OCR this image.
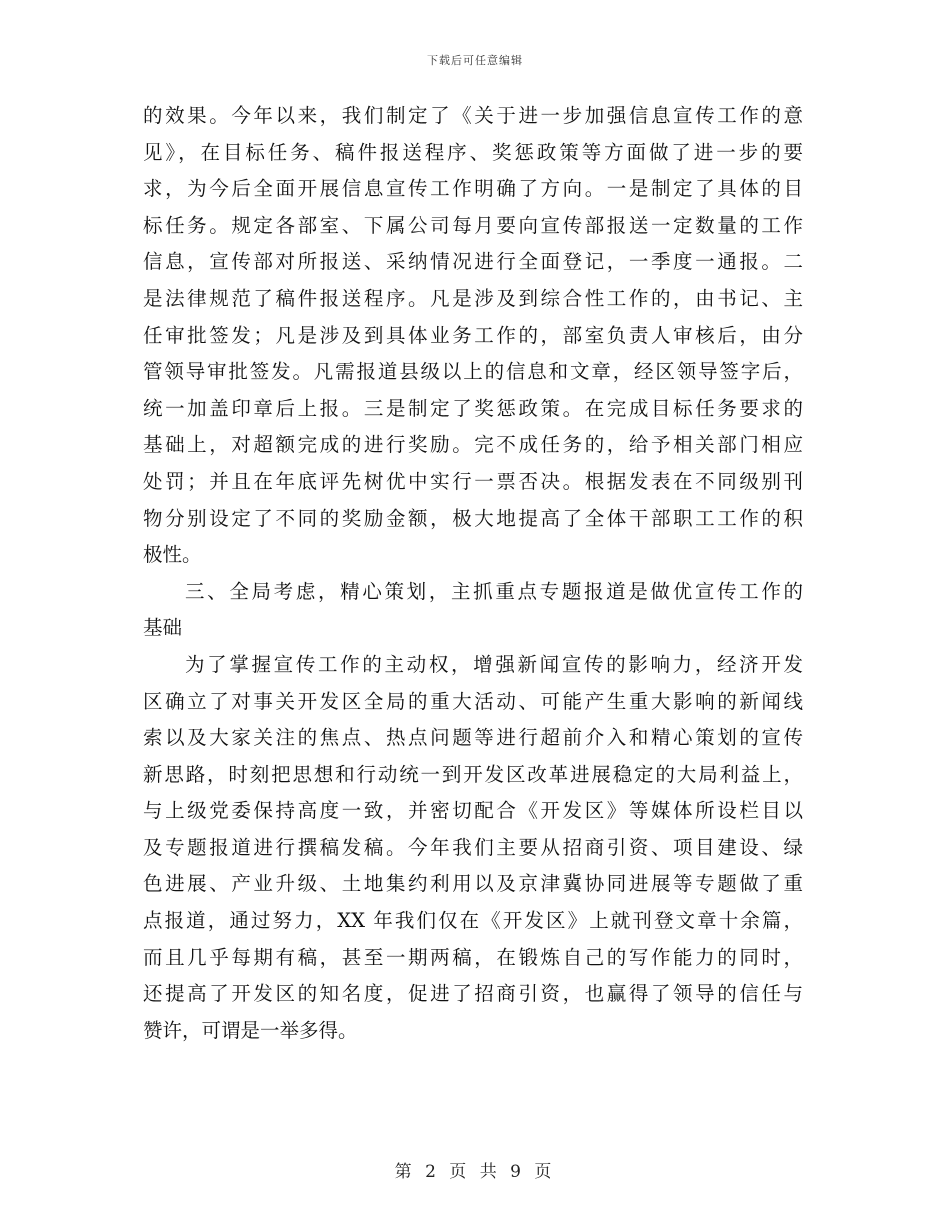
下载后可任意编辑
的效果。今年以来，我们制定了《关于进一步加强信息宣传工作的意
见》，在目标任务、稿件报送程序、奖惩政策等方面做了进一步的要
求，为今后全面开展信息宣传工作明确了方向。一是制定了具体的目
标任务。规定各部室、下属公司每月要向宣传部报送一定数量的工作
信息，宣传部对所报送、采纳情况进行全面登记，一季度一通报。二
是法律规范了稿件报送程序。凡是涉及到综合性工作的，由书记、主
任审批签发；凡是涉及到具体业务工作的，部室负责人审核后，由分
管领导审批签发。凡需报道县级以上的信息和文章，经区领导签字后，
统一加盖印章后上报。三是制定了奖惩政策。在完成目标任务要求的
基础上，对超额完成的进行奖励。完不成任务的，给予相关部门相应
处罚；并且在年底评先树优中实行一票否决。根据发表在不同级别刊
物分别设定了不同的奖励金额，极大地提高了全体干部职工工作的积
极性。
三、全局考虑，精心策划，主抓重点专题报道是做优宣传工作的
基础
为了掌握宣传工作的主动权，增强新闻宣传的影响力，经济开发
区确立了对事关开发区全局的重大活动、可能产生重大影响的新闻线
索以及大家关注的焦点、热点问题等进行超前介入和精心策划的宣传
新思路，时刻把思想和行动统一到开发区改革进展稳定的大局利益上，
与上级党委保持高度一致，并密切配合《开发区》等媒体所设栏目以
及专题报道进行撰稿发稿。今年我们主要从招商引资、项目建设、绿
色进展、产业升级、土地集约利用以及京津冀协同进展等专题做了重
点报道，通过努力，XX 年我们仅在《开发区》上就刊登文章十余篇，
而且几乎每期有稿，甚至一期两稿，在锻炼自己的写作能力的同时，
还提高了开发区的知名度，促进了招商引资，也赢得了领导的信任与
赞许，可谓是一举多得。
第 2 页 共 9 页
